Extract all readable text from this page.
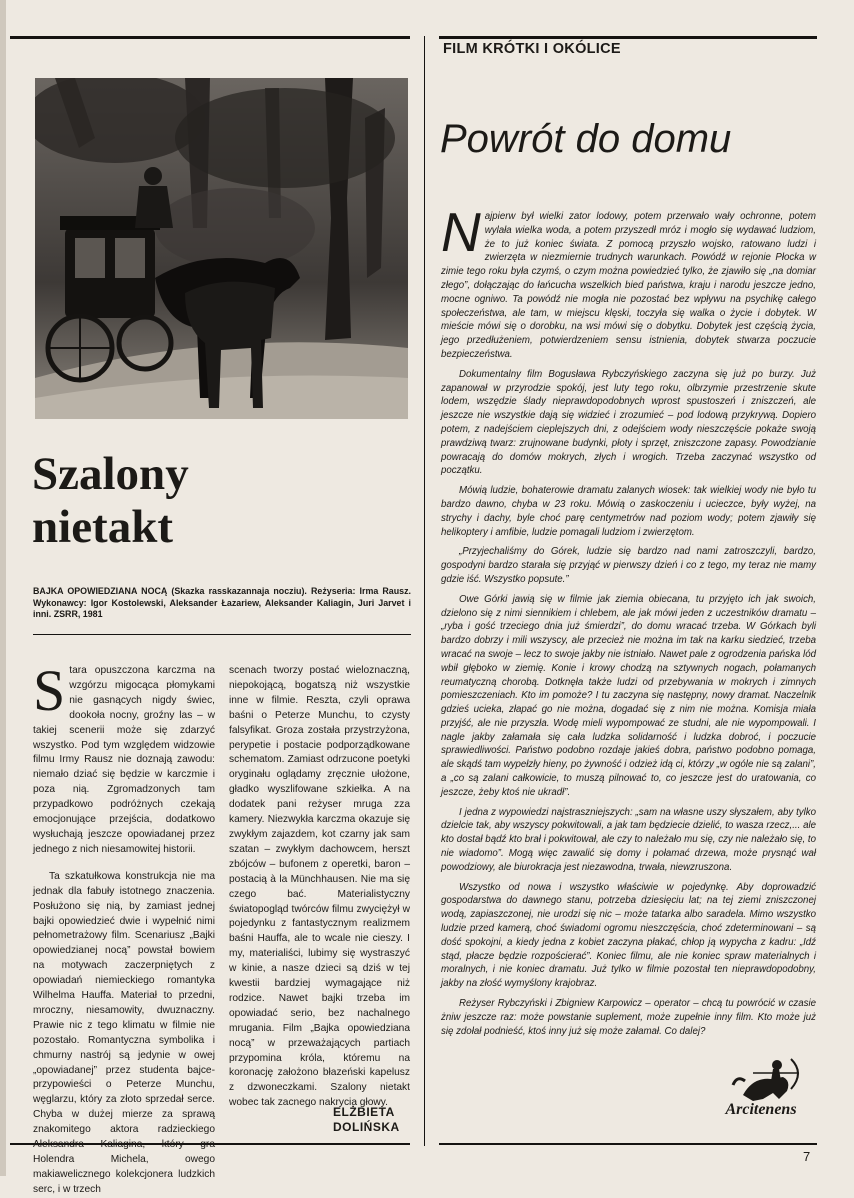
FILM KRÓTKI I OKÓLICE
Szalony
nietakt
BAJKA OPOWIEDZIANA NOCĄ (Skazka rasskazannaja nocziu). Reżyseria: Irma Rausz. Wykonawcy: Igor Kostolewski, Aleksander Łazariew, Aleksander Kaliagin, Juri Jarvet i inni. ZSRR, 1981

Stara opuszczona karczma na wzgórzu migocąca płomykami nie gasnących nigdy świec, dookoła nocny, groźny las – w takiej scenerii może się zdarzyć wszystko. Pod tym względem widzowie filmu Irmy Rausz nie doznają zawodu: niemało dziać się będzie w karczmie i poza nią. Zgromadzonych tam przypadkowo podróżnych czekają emocjonujące przejścia, dodatkowo wysłuchają jeszcze opowiadanej przez jednego z nich niesamowitej historii.

Ta szkatułkowa konstrukcja nie ma jednak dla fabuły istotnego znaczenia. Posłużono się nią, by zamiast jednej bajki opowiedzieć dwie i wypełnić nimi pełnometrażowy film. Scenariusz „Bajki opowiedzianej nocą” powstał bowiem na motywach zaczerpniętych z opowiadań niemieckiego romantyka Wilhelma Hauffa. Materiał to przedni, mroczny, niesamowity, dwuznaczny. Prawie nic z tego klimatu w filmie nie pozostało. Romantyczna symbolika i chmurny nastrój są jedynie w owej „opowiadanej” przez studenta bajce-przypowieści o Peterze Munchu, węglarzu, który za złoto sprzedał serce. Chyba w dużej mierze za sprawą znakomitego aktora radzieckiego Aleksandra Kaliagina, który gra Holendra Michela, owego makiawelicznego kolekcjonera ludzkich serc, i w trzech

scenach tworzy postać wieloznaczną, niepokojącą, bogatszą niż wszystkie inne w filmie. Reszta, czyli oprawa baśni o Peterze Munchu, to czysty falsyfikat. Groza została przystrzyżona, perypetie i postacie podporządkowane schematom. Zamiast odrzucone poetyki oryginału oglądamy zręcznie ułożone, gładko wyszlifowane szkiełka. A na dodatek pani reżyser mruga zza kamery. Niezwykła karczma okazuje się zwykłym zajazdem, kot czarny jak sam szatan – zwykłym dachowcem, herszt zbójców – bufonem z operetki, baron – postacią à la Münchhausen. Nie ma się czego bać. Materialistyczny światopogląd twórców filmu zwyciężył w pojedynku z fantastycznym realizmem baśni Hauffa, ale to wcale nie cieszy. I my, materialiści, lubimy się wystraszyć w kinie, a nasze dzieci są dziś w tej kwestii bardziej wymagające niż rodzice. Nawet bajki trzeba im opowiadać serio, bez nachalnego mrugania. Film „Bajka opowiedziana nocą” w przeważających partiach przypomina króla, któremu na koronację założono błazeński kapelusz z dzwoneczkami. Szalony nietakt wobec tak zacnego nakrycia głowy.

ELŻBIETA
DOLIŃSKA
Powrót do domu

Najpierw był wielki zator lodowy, potem przerwało wały ochronne, potem wylała wielka woda, a potem przyszedł mróz i mogło się wydawać ludziom, że to już koniec świata. Z pomocą przyszło wojsko, ratowano ludzi i zwierzęta w niezmiernie trudnych warunkach. Powódź w rejonie Płocka w zimie tego roku była czymś, o czym można powiedzieć tylko, że zjawiło się „na domiar złego”, dołączając do łańcucha wszelkich bied państwa, kraju i narodu jeszcze jedno, mocne ogniwo. Ta powódź nie mogła nie pozostać bez wpływu na psychikę całego społeczeństwa, ale tam, w miejscu klęski, toczyła się walka o życie i dobytek. W mieście mówi się o dorobku, na wsi mówi się o dobytku. Dobytek jest częścią życia, jego przedłużeniem, potwierdzeniem sensu istnienia, dobytek stwarza poczucie bezpieczeństwa.

Dokumentalny film Bogusława Rybczyńskiego zaczyna się już po burzy. Już zapanował w przyrodzie spokój, jest luty tego roku, olbrzymie przestrzenie skute lodem, wszędzie ślady nieprawdopodobnych wprost spustoszeń i zniszczeń, ale jeszcze nie wszystkie dają się widzieć i zrozumieć – pod lodową przykrywą. Dopiero potem, z nadejściem cieplejszych dni, z odejściem wody nieszczęście pokaże swoją prawdziwą twarz: zrujnowane budynki, płoty i sprzęt, zniszczone zapasy. Powodzianie powracają do domów mokrych, złych i wrogich. Trzeba zaczynać wszystko od początku.

Mówią ludzie, bohaterowie dramatu zalanych wiosek: tak wielkiej wody nie było tu bardzo dawno, chyba w 23 roku. Mówią o zaskoczeniu i ucieczce, były wyżej, na strychy i dachy, byle choć parę centymetrów nad poziom wody; potem zjawiły się helikoptery i amfibie, ludzie pomagali ludziom i zwierzętom.

„Przyjechaliśmy do Górek, ludzie się bardzo nad nami zatroszczyli, bardzo, gospodyni bardzo starała się przyjąć w pierwszy dzień i co z tego, my teraz nie mamy gdzie iść. Wszystko popsute.”

Owe Górki jawią się w filmie jak ziemia obiecana, tu przyjęto ich jak swoich, dzielono się z nimi siennikiem i chlebem, ale jak mówi jeden z uczestników dramatu – „ryba i gość trzeciego dnia już śmierdzi”, do domu wracać trzeba. W Górkach byli bardzo dobrzy i mili wszyscy, ale przecież nie można im tak na karku siedzieć, trzeba wracać na swoje – lecz to swoje jakby nie istniało. Nawet pale z ogrodzenia pańska lód wbił głęboko w ziemię. Konie i krowy chodzą na sztywnych nogach, połamanych reumatyczną chorobą. Dotknęła także ludzi od przebywania w mokrych i zimnych pomieszczeniach. Kto im pomoże? I tu zaczyna się następny, nowy dramat. Naczelnik gdzieś ucieka, złapać go nie można, dogadać się z nim nie można. Komisja miała przyjść, ale nie przyszła. Wodę mieli wypompować ze studni, ale nie wypompowali. I nagle jakby załamała się cała ludzka solidarność i ludzka dobroć, i poczucie sprawiedliwości. Państwo podobno rozdaje jakieś dobra, państwo podobno pomaga, ale skądś tam wypełzły hieny, po żywność i odzież idą ci, którzy „w ogóle nie są zalani”, a „co są zalani całkowicie, to muszą pilnować to, co jeszcze jest do uratowania, co jeszcze, żeby ktoś nie ukradł”.

I jedna z wypowiedzi najstraszniejszych: „sam na własne uszy słyszałem, aby tylko dzielcie tak, aby wszyscy pokwitowali, a jak tam będziecie dzielić, to wasza rzecz,... ale kto dostał bądź kto brał i pokwitował, ale czy to należało mu się, czy nie należało się, to nie wiadomo”. Mogą więc zawalić się domy i połamać drzewa, może prysnąć wał powodziowy, ale biurokracja jest niezawodna, trwała, niewzruszona.

Wszystko od nowa i wszystko właściwie w pojedynkę. Aby doprowadzić gospodarstwa do dawnego stanu, potrzeba dziesięciu lat; na tej ziemi zniszczonej wodą, zapiaszczonej, nie urodzi się nic – może tatarka albo saradela. Mimo wszystko ludzie przed kamerą, choć świadomi ogromu nieszczęścia, choć zdeterminowani – są dość spokojni, a kiedy jedna z kobiet zaczyna płakać, chłop ją wypycha z kadru: „Idź stąd, płacze będzie rozpościerać”. Koniec filmu, ale nie koniec spraw materialnych i moralnych, i nie koniec dramatu. Już tylko w filmie pozostał ten nieprawdopodobny, jakby na złość wymyślony krajobraz.

Reżyser Rybczyński i Zbigniew Karpowicz – operator – chcą tu powrócić w czasie żniw jeszcze raz: może powstanie suplement, może zupełnie inny film. Kto może już się zdołał podnieść, ktoś inny już się może załamał. Co dalej?

Arcitenens
7
